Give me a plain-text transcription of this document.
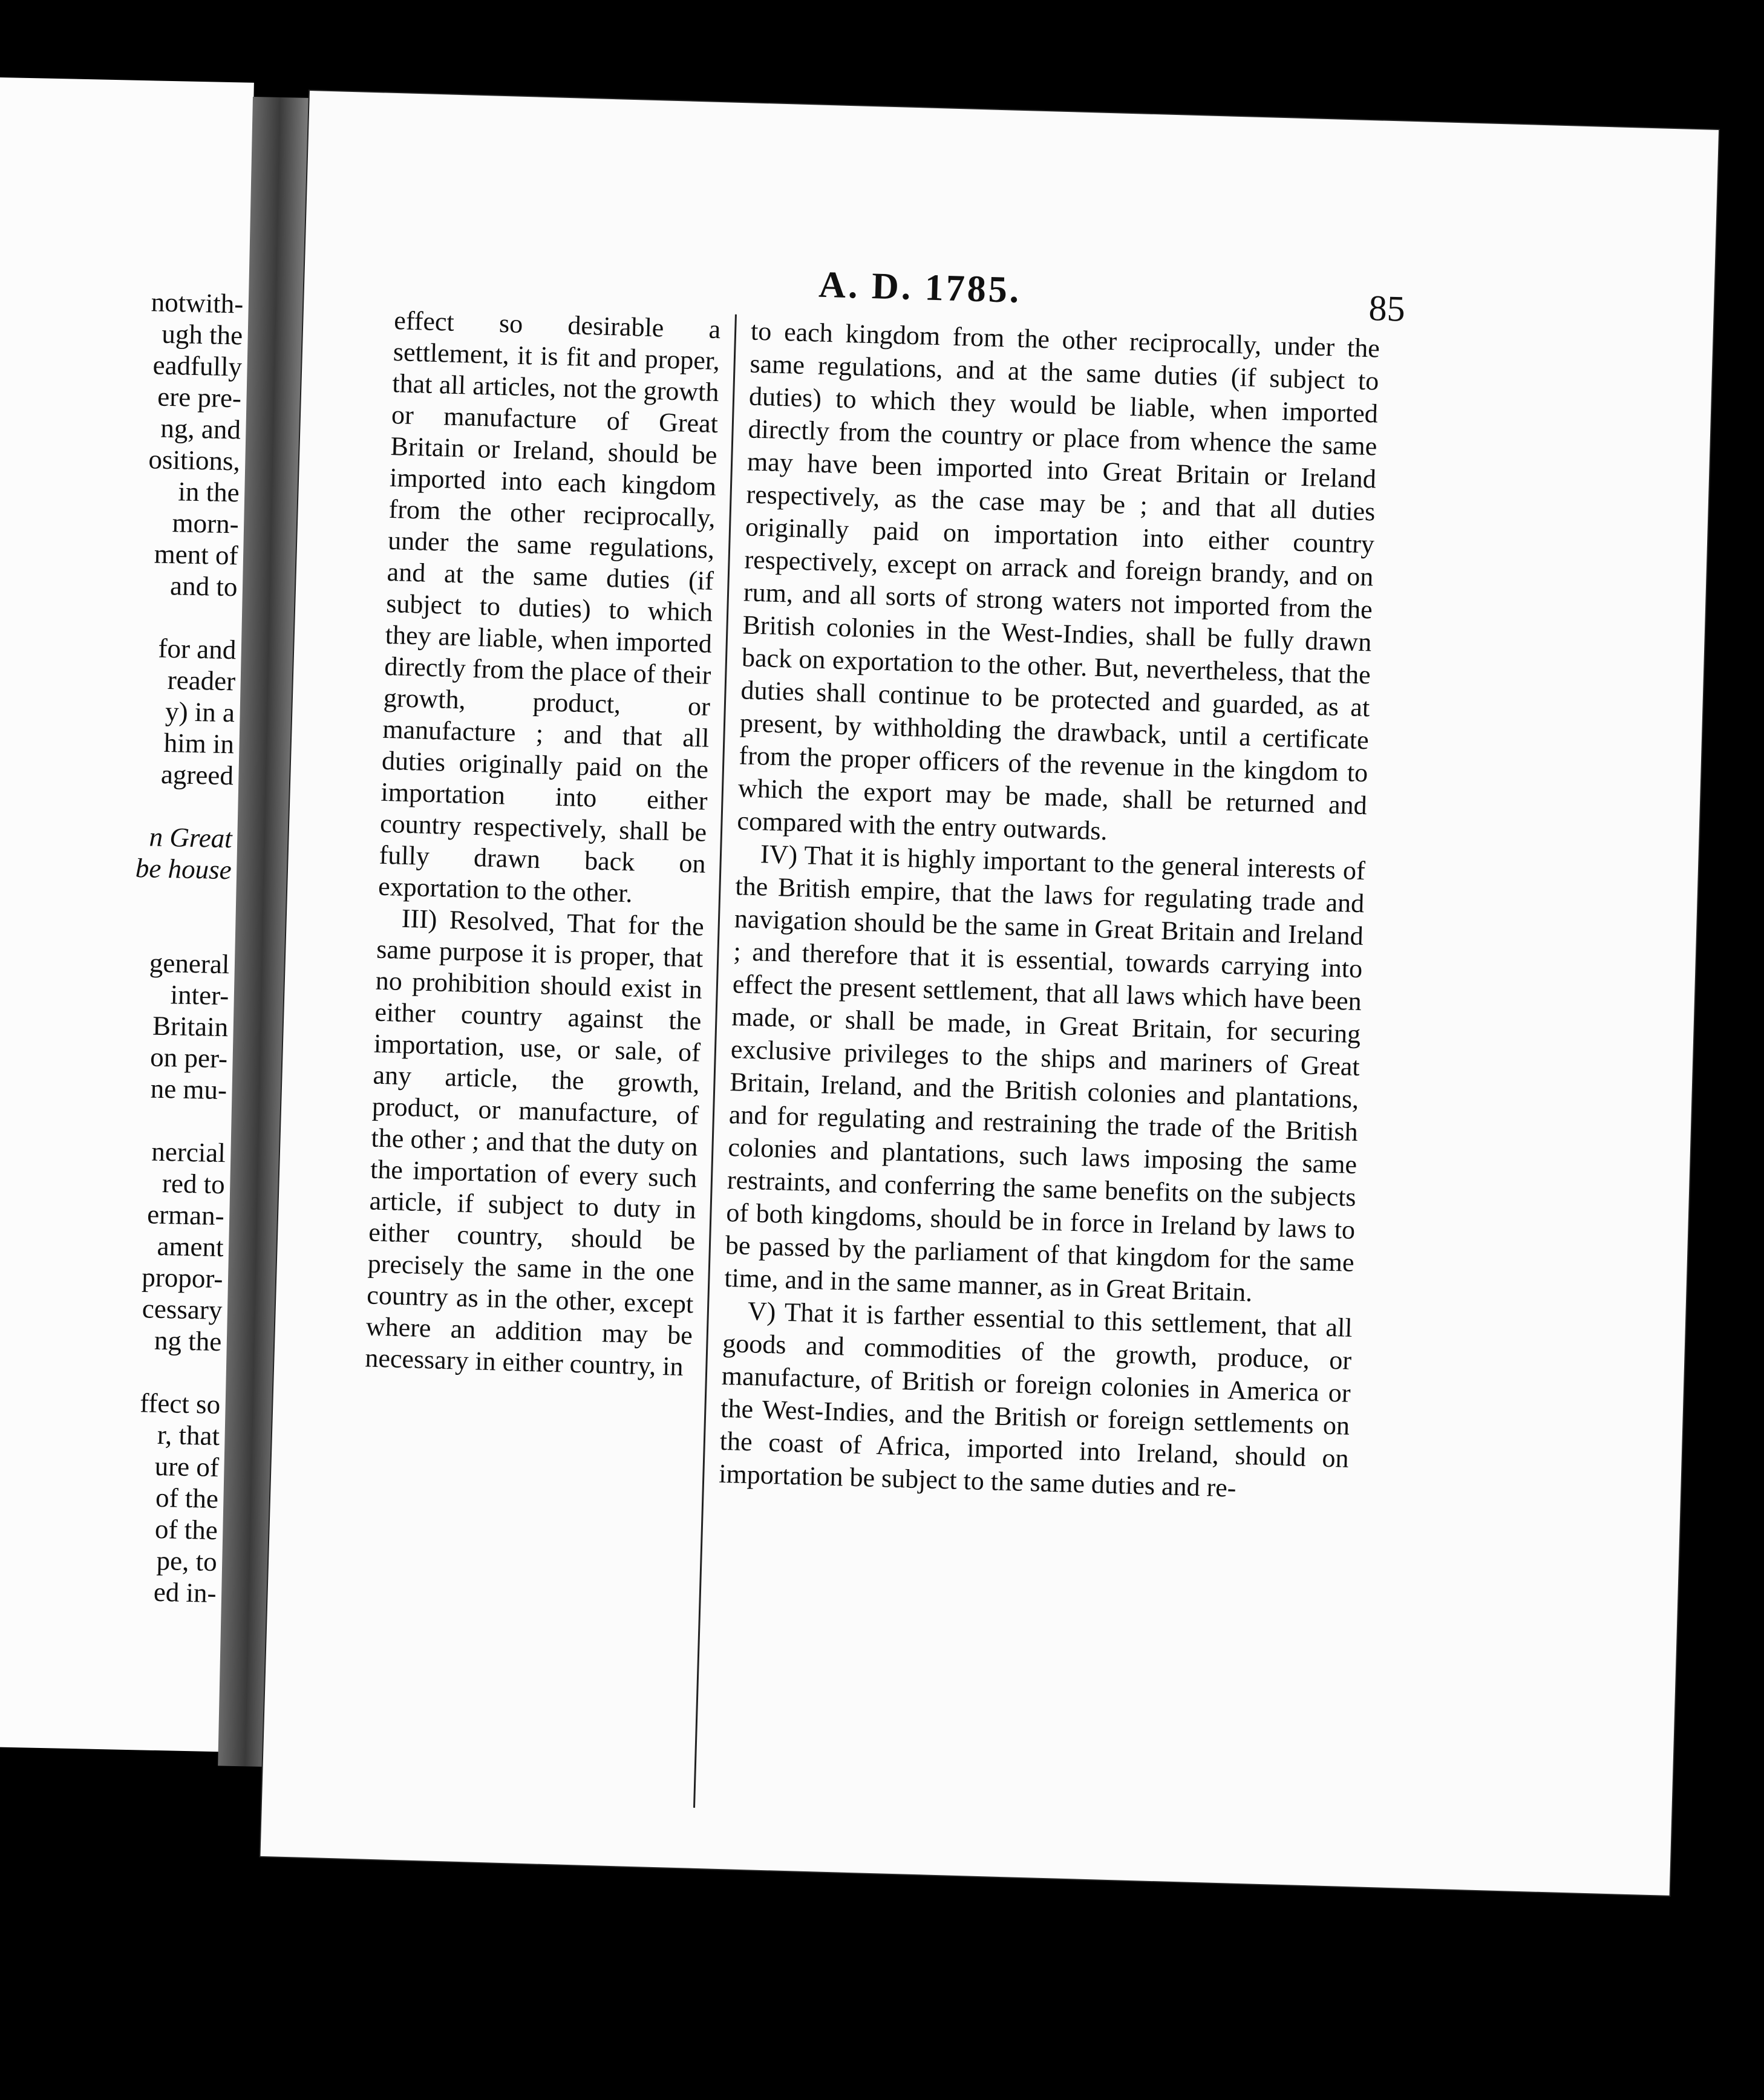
notwith-

ugh the

eadfully

ere pre-

ng, and

ositions,

in the

morn-

ment of

and to

for and

reader

y) in a

him in

agreed

n Great

be house

general

inter-

Britain

on per-

ne mu-

nercial

red to

erman-

ament

propor-

cessary

ng the

ffect so

r, that

ure of

of the

of the

pe, to

ed in-

A. D. 1785.	85

effect so desirable a settlement, it is fit and proper, that all articles, not the growth or manufacture of Great Britain or Ireland, should be imported into each kingdom from the other reciprocally, under the same regulations, and at the same duties (if subject to duties) to which they are liable, when imported directly from the place of their growth, product, or manufacture ; and that all duties originally paid on the importation into either country respectively, shall be fully drawn back on exportation to the other.

III) Resolved, That for the same purpose it is proper, that no prohibition should exist in either country against the importation, use, or sale, of any article, the growth, product, or manufacture, of the other ; and that the duty on the importation of every such article, if subject to duty in either country, should be precisely the same in the one country as in the other, except where an addition may be necessary in either country, in

to each kingdom from the other reciprocally, under the same regulations, and at the same duties (if subject to duties) to which they would be liable, when imported directly from the country or place from whence the same may have been imported into Great Britain or Ireland respectively, as the case may be ; and that all duties originally paid on importation into either country respectively, except on arrack and foreign brandy, and on rum, and all sorts of strong waters not imported from the British colonies in the West-Indies, shall be fully drawn back on exportation to the other. But, nevertheless, that the duties shall continue to be protected and guarded, as at present, by withholding the drawback, until a certificate from the proper officers of the revenue in the kingdom to which the export may be made, shall be returned and compared with the entry outwards.

IV) That it is highly important to the general interests of the British empire, that the laws for regulating trade and navigation should be the same in Great Britain and Ireland ; and therefore that it is essential, towards carrying into effect the present settlement, that all laws which have been made, or shall be made, in Great Britain, for securing exclusive privileges to the ships and mariners of Great Britain, Ireland, and the British colonies and plantations, and for regulating and restraining the trade of the British colonies and plantations, such laws imposing the same restraints, and conferring the same benefits on the subjects of both kingdoms, should be in force in Ireland by laws to be passed by the parliament of that kingdom for the same time, and in the same manner, as in Great Britain.

V) That it is farther essential to this settlement, that all goods and commodities of the growth, produce, or manufacture, of British or foreign colonies in America or the West-Indies, and the British or foreign settlements on the coast of Africa, imported into Ireland, should on importation be subject to the same duties and re-
